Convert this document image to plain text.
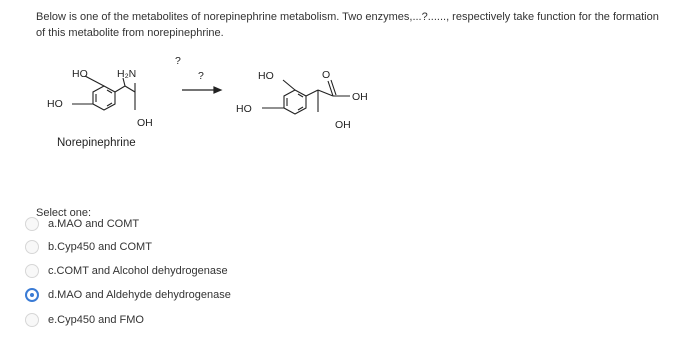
Below is one of the metabolites of norepinephrine metabolism. Two enzymes,...?......, respectively take function for the formation of this metabolite from norepinephrine.
HO	H₂N
HO
OH
Norepinephrine
?
?	HO	O
OH
HO
OH
Select one:
a.MAO and COMT
b.Cyp450 and COMT
c.COMT and Alcohol dehydrogenase
d.MAO and Aldehyde dehydrogenase
e.Cyp450 and FMO
